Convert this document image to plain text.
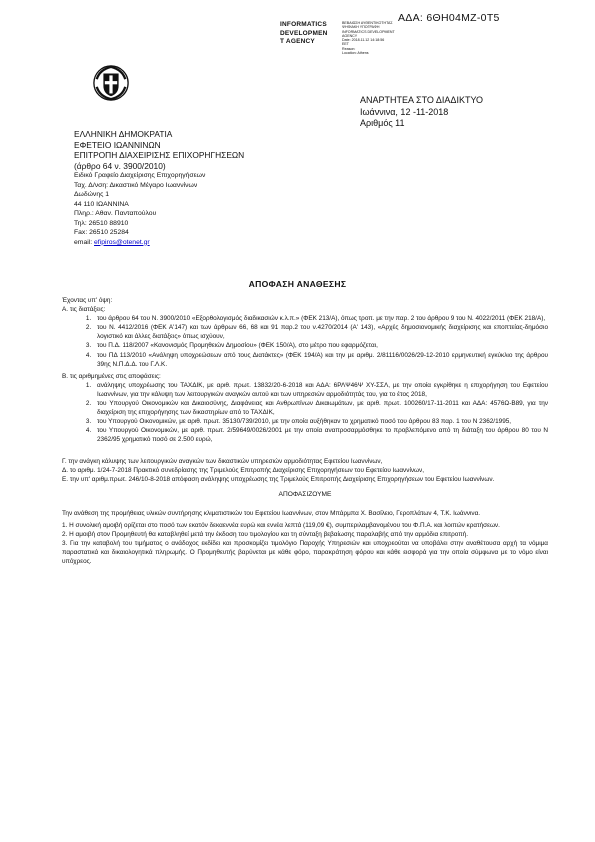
ΑΔΑ: 6ΘΗ04ΜΖ-0Τ5
INFORMATICS
DEVELOPMEN
T AGENCY
ΒΕΒΑΙΩΣΗ ΑΥΘΕΝΤΙΚΟΤΗΤΑΣ
ΨΗΦΙΑΚΗ ΥΠΟΓΡΑΦΗ
INFORMATICS DEVELOPMENT AGENCY
Date: 2018.11.12 14:18:56
EET
Reason:
Location: Athens
ΑΝΑΡΤΗΤΕΑ ΣΤΟ ΔΙΑΔΙΚΤΥΟ
Ιωάννινα, 12 -11-2018
Αριθμός 11
ΕΛΛΗΝΙΚΗ ΔΗΜΟΚΡΑΤΙΑ
ΕΦΕΤΕΙΟ ΙΩΑΝΝΙΝΩΝ
ΕΠΙΤΡΟΠΗ ΔΙΑΧΕΙΡΙΣΗΣ ΕΠΙΧΟΡΗΓΗΣΕΩΝ
(άρθρο 64 ν. 3900/2010)
Ειδικό Γραφείο Διαχείρισης Επιχορηγήσεων
Ταχ. Δ/νση: Δικαστικό Μέγαρο Ιωαννίνων
Δωδώνης 1
44 110 ΙΩΑΝΝΙΝΑ
Πληρ.: Αθαν. Πανταπούλου
Τηλ: 26510 88910
Fax: 26510 25284
email: efipiros@otenet.gr
ΑΠΟΦΑΣΗ ΑΝΑΘΕΣΗΣ

Έχοντας υπ' όψη:

Α. τις διατάξεις:

1. του άρθρου 64 του Ν. 3900/2010 «Εξορθολογισμός διαδικασιών κ.λ.π.» (ΦΕΚ 213/Α), όπως τροπ. με την παρ. 2 του άρθρου 9 του Ν. 4022/2011 (ΦΕΚ 218/Α),
2. του Ν. 4412/2016 (ΦΕΚ Α'147) και των άρθρων 66, 68 και 91 παρ.2 του ν.4270/2014 (Α' 143), «Αρχές δημοσιονομικής διαχείρισης και εποπτείας-δημόσιο λογιστικό και άλλες διατάξεις» όπως ισχύουν,
3. του Π.Δ. 118/2007 «Κανονισμός Προμηθειών Δημοσίου» (ΦΕΚ 150/Α), στο μέτρο που εφαρμόζεται,
4. του ΠΔ 113/2010 «Ανάληψη υποχρεώσεων από τους Διατάκτες» (ΦΕΚ 194/Α) και την με αριθμ. 2/81116/0026/29-12-2010 ερμηνευτική εγκύκλιο της άρθρου 39ης Ν.Π.Δ.Δ. του Γ.Λ.Κ.

Β. τις αριθμημένες στις αποφάσεις:

1. ανάληψης υποχρέωσης του ΤΑΧΔΙΚ, με αριθ. πρωτ. 13832/20-6-2018 και ΑΔΑ: 6ΡΛΨ46Ψ ΧΥ-ΣΣΛ, με την οποία εγκρίθηκε η επιχορήγηση του Εφετείου Ιωαννίνων, για την κάλυψη των λειτουργικών αναγκών αυτού και των υπηρεσιών αρμοδιότητάς του, για το έτος 2018,
2. του Υπουργού Οικονομικών και Δικαιοσύνης, Διαφάνειας και Ανθρωπίνων Δικαιωμάτων, με αριθ. πρωτ. 100260/17-11-2011 και ΑΔΑ: 4576Ω-Β89, για την διαχείριση της επιχορήγησης των δικαστηρίων από το ΤΑΧΔΙΚ,
3. του Υπουργού Οικονομικών, με αριθ. πρωτ. 35130/739/2010, με την οποία αυξήθηκαν το χρηματικό ποσό του άρθρου 83 παρ. 1 του Ν 2362/1995,
4. του Υπουργού Οικονομικών, με αριθ. πρωτ. 2/59649/0026/2001 με την οποία αναπροσαρμόσθηκε το προβλεπόμενο από τη διάταξη του άρθρου 80 του Ν 2362/95 χρηματικό ποσό σε 2.500 ευρώ,

Γ. την ανάγκη κάλυψης των λειτουργικών αναγκών των δικαστικών υπηρεσιών αρμοδιότητας Εφετείου Ιωαννίνων,

Δ. το αριθμ. 1/24-7-2018 Πρακτικό συνεδρίασης της Τριμελούς Επιτροπής Διαχείρισης Επιχορηγήσεων του Εφετείου Ιωαννίνων,

Ε. την υπ' αριθμ.πρωτ. 246/10-8-2018 απόφαση ανάληψης υποχρέωσης της Τριμελούς Επιτροπής Διαχείρισης Επιχορηγήσεων του Εφετείου Ιωαννίνων.

ΑΠΟΦΑΣΙΖΟΥΜΕ

Την ανάθεση της προμήθειας υλικών συντήρησης κλιματιστικών του Εφετείου Ιωαννίνων, στον Μπάρμπα Χ. Βασίλειο, Γεροπλάτων 4, Τ.Κ. Ιωάννινα.

1. Η συνολική αμοιβή ορίζεται στο ποσό των εκατόν δεκαεννέα ευρώ και εννέα λεπτά (119,09 €), συμπεριλαμβανομένου του Φ.Π.Α. και λοιπών κρατήσεων.

2. Η αμοιβή στον Προμηθευτή θα καταβληθεί μετά την έκδοση του τιμολογίου και τη σύνταξη βεβαίωσης παραλαβής από την αρμόδια επιτροπή.

3. Για την καταβολή του τιμήματος ο ανάδοχος εκδίδει και προσκομίζει τιμολόγιο Παροχής Υπηρεσιών και υποχρεούται να υποβάλει στην αναθέτουσα αρχή τα νόμιμα παραστατικά και δικαιολογητικά πληρωμής. Ο Προμηθευτής βαρύνεται με κάθε φόρο, παρακράτηση φόρου και κάθε εισφορά για την οποία σύμφωνα με το νόμο είναι υπόχρεος.
